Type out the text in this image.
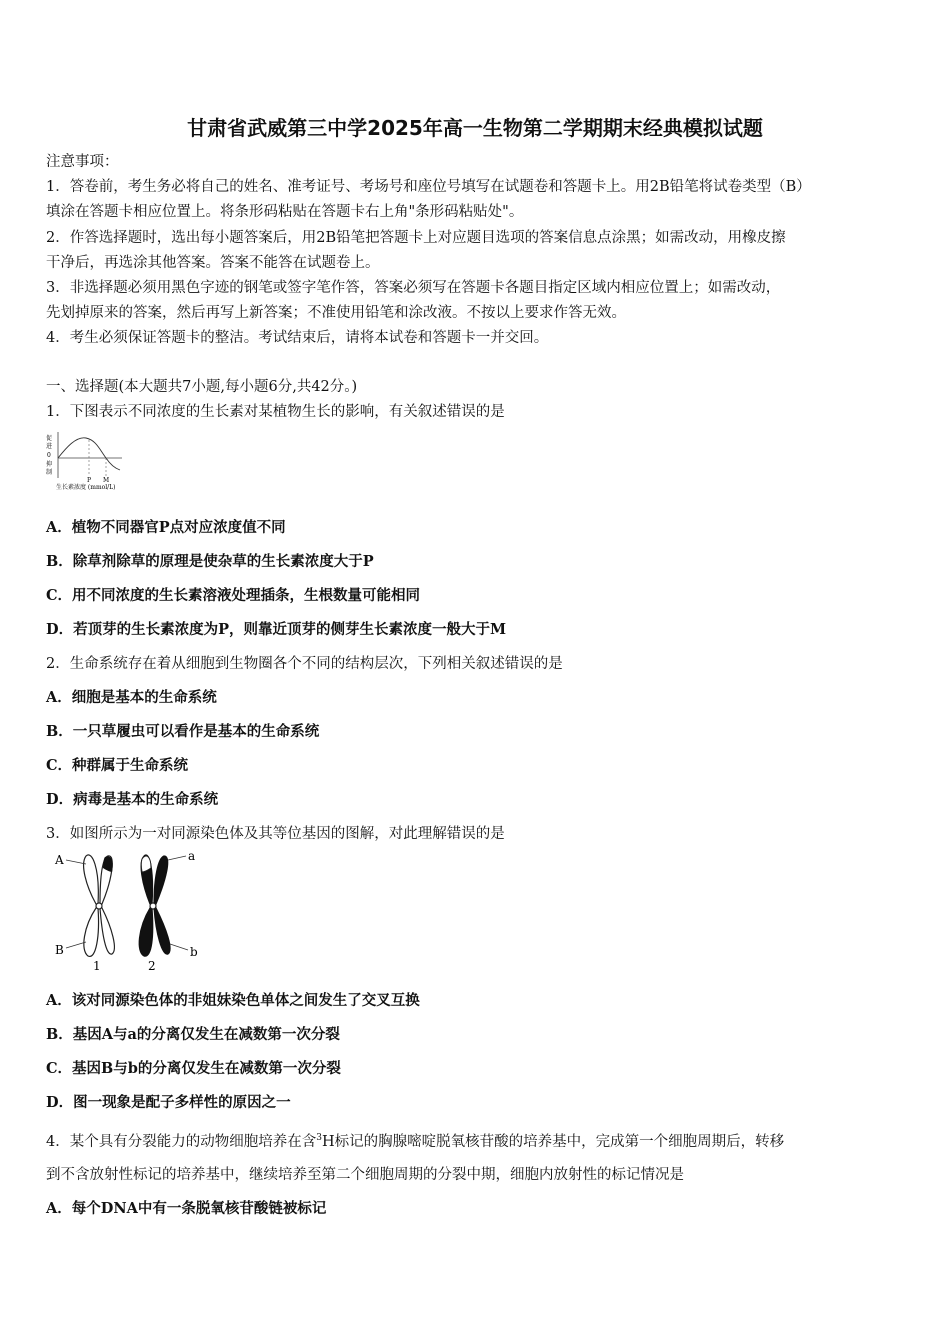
甘肃省武威第三中学2025年高一生物第二学期期末经典模拟试题
注意事项：
1．答卷前，考生务必将自己的姓名、准考证号、考场号和座位号填写在试题卷和答题卡上。用2B铅笔将试卷类型（B）
填涂在答题卡相应位置上。将条形码粘贴在答题卡右上角"条形码粘贴处"。
2．作答选择题时，选出每小题答案后，用2B铅笔把答题卡上对应题目选项的答案信息点涂黑；如需改动，用橡皮擦
干净后，再选涂其他答案。答案不能答在试题卷上。
3．非选择题必须用黑色字迹的钢笔或签字笔作答，答案必须写在答题卡各题目指定区域内相应位置上；如需改动，
先划掉原来的答案，然后再写上新答案；不准使用铅笔和涂改液。不按以上要求作答无效。
4．考生必须保证答题卡的整洁。考试结束后，请将本试卷和答题卡一并交回。
一、选择题(本大题共7小题,每小题6分,共42分。)
1．下图表示不同浓度的生长素对某植物生长的影响，有关叙述错误的是
促
进
0
抑
制
P M
生长素浓度 (mmol/L)
A．植物不同器官P点对应浓度值不同
B．除草剂除草的原理是使杂草的生长素浓度大于P
C．用不同浓度的生长素溶液处理插条，生根数量可能相同
D．若顶芽的生长素浓度为P，则靠近顶芽的侧芽生长素浓度一般大于M
2．生命系统存在着从细胞到生物圈各个不同的结构层次，下列相关叙述错误的是
A．细胞是基本的生命系统
B．一只草履虫可以看作是基本的生命系统
C．种群属于生命系统
D．病毒是基本的生命系统
3．如图所示为一对同源染色体及其等位基因的图解，对此理解错误的是
A
B
a
b
1	2
A．该对同源染色体的非姐妹染色单体之间发生了交叉互换
B．基因A与a的分离仅发生在减数第一次分裂
C．基因B与b的分离仅发生在减数第一次分裂
D．图一现象是配子多样性的原因之一
4．某个具有分裂能力的动物细胞培养在含$^3$H标记的胸腺嘧啶脱氧核苷酸的培养基中，完成第一个细胞周期后，转移
到不含放射性标记的培养基中，继续培养至第二个细胞周期的分裂中期，细胞内放射性的标记情况是
A．每个DNA中有一条脱氧核苷酸链被标记
